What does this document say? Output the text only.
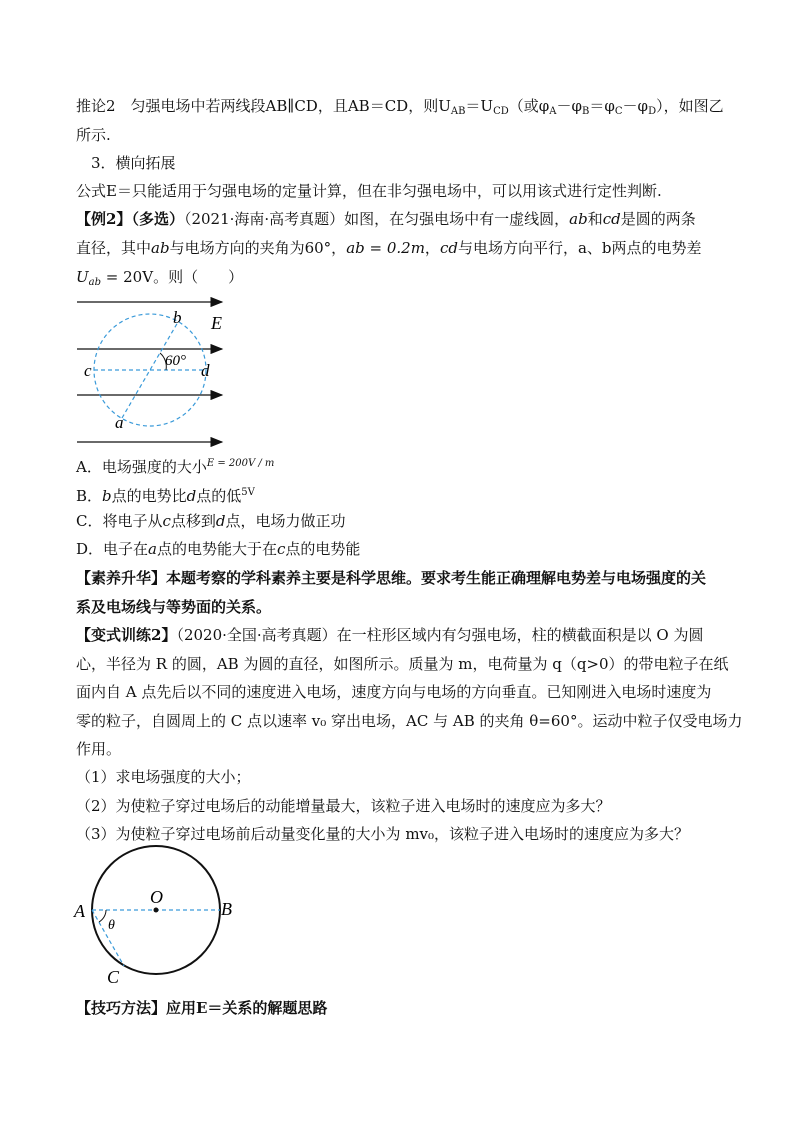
推论2　匀强电场中若两线段AB∥CD，且AB＝CD，则$U_{AB}=U_{CD}$（或$\varphi_A-\varphi_B=\varphi_C-\varphi_D$），如图乙
所示.
3．横向拓展
公式E＝只能适用于匀强电场的定量计算，但在非匀强电场中，可以用该式进行定性判断.
【例2】（多选）（2021·海南·高考真题）如图，在匀强电场中有一虚线圆，ab和cd是圆的两条
直径，其中ab与电场方向的夹角为60°，ab = 0.2m，cd与电场方向平行，a、b两点的电势差
$U_{ab} = 20V$。则（　　）
60°
b E
c	d
a
A．电场强度的大小$^{E = 200V / m}$
B．b点的电势比d点的低$^{5V}$
C．将电子从c点移到d点，电场力做正功
D．电子在a点的电势能大于在c点的电势能
【素养升华】本题考察的学科素养主要是科学思维。要求考生能正确理解电势差与电场强度的关
系及电场线与等势面的关系。
【变式训练2】（2020·全国·高考真题）在一柱形区域内有匀强电场，柱的横截面积是以 O 为圆
心，半径为 R 的圆，AB 为圆的直径，如图所示。质量为 m，电荷量为 q（q>0）的带电粒子在纸
面内自 A 点先后以不同的速度进入电场，速度方向与电场的方向垂直。已知刚进入电场时速度为
零的粒子，自圆周上的 C 点以速率 v₀ 穿出电场，AC 与 AB 的夹角 θ=60°。运动中粒子仅受电场力
作用。
（1）求电场强度的大小；
（2）为使粒子穿过电场后的动能增量最大，该粒子进入电场时的速度应为多大？
（3）为使粒子穿过电场前后动量变化量的大小为 mv₀，该粒子进入电场时的速度应为多大？
O
A	B
C
θ
【技巧方法】应用E＝关系的解题思路
